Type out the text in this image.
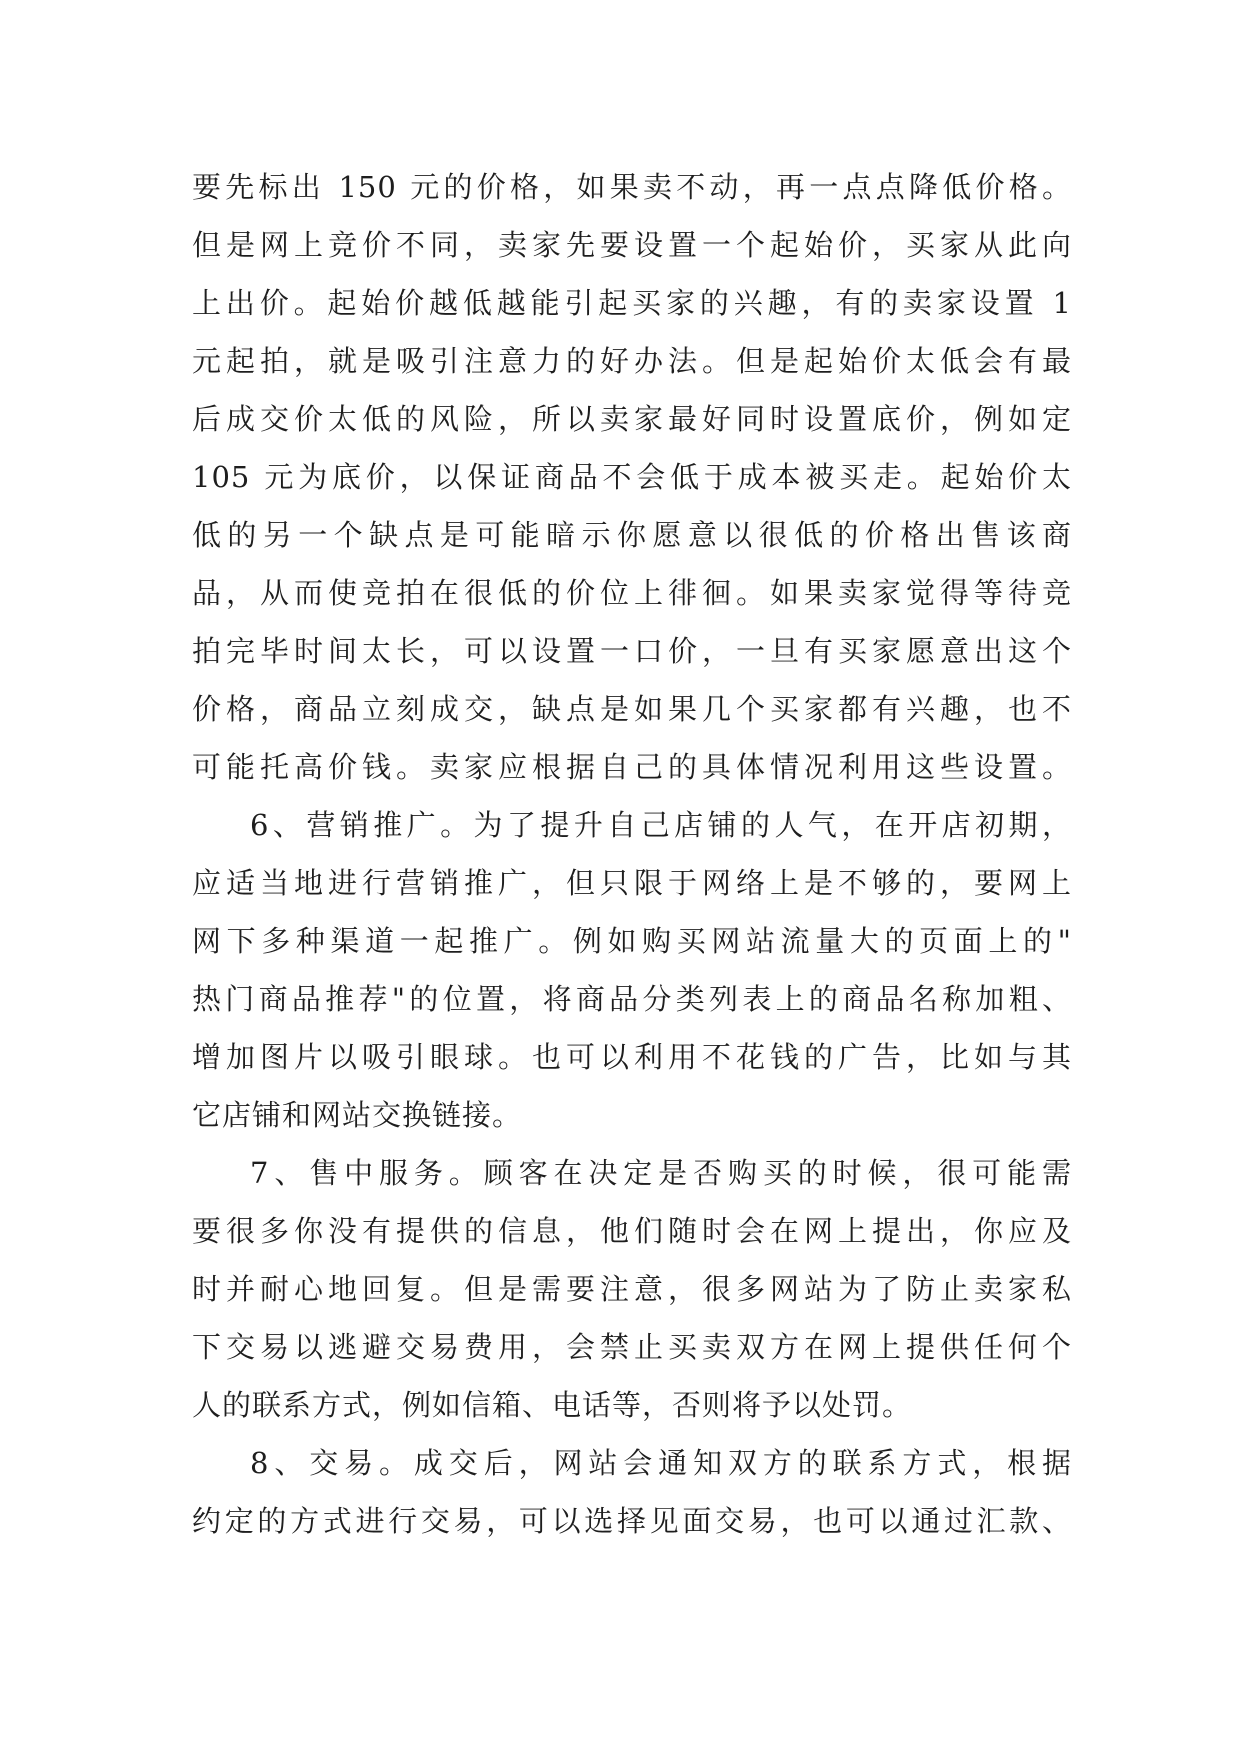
要先标出 150 元的价格，如果卖不动，再一点点降低价格。
但是网上竞价不同，卖家先要设置一个起始价，买家从此向
上出价。起始价越低越能引起买家的兴趣，有的卖家设置 1
元起拍，就是吸引注意力的好办法。但是起始价太低会有最
后成交价太低的风险，所以卖家最好同时设置底价，例如定
105 元为底价，以保证商品不会低于成本被买走。起始价太
低的另一个缺点是可能暗示你愿意以很低的价格出售该商
品，从而使竞拍在很低的价位上徘徊。如果卖家觉得等待竞
拍完毕时间太长，可以设置一口价，一旦有买家愿意出这个
价格，商品立刻成交，缺点是如果几个买家都有兴趣，也不
可能托高价钱。卖家应根据自己的具体情况利用这些设置。
6、营销推广。为了提升自己店铺的人气，在开店初期，
应适当地进行营销推广，但只限于网络上是不够的，要网上
网下多种渠道一起推广。例如购买网站流量大的页面上的"
热门商品推荐"的位置，将商品分类列表上的商品名称加粗、
增加图片以吸引眼球。也可以利用不花钱的广告，比如与其
它店铺和网站交换链接。
7、售中服务。顾客在决定是否购买的时候，很可能需
要很多你没有提供的信息，他们随时会在网上提出，你应及
时并耐心地回复。但是需要注意，很多网站为了防止卖家私
下交易以逃避交易费用，会禁止买卖双方在网上提供任何个
人的联系方式，例如信箱、电话等，否则将予以处罚。
8、交易。成交后，网站会通知双方的联系方式，根据
约定的方式进行交易，可以选择见面交易，也可以通过汇款、
